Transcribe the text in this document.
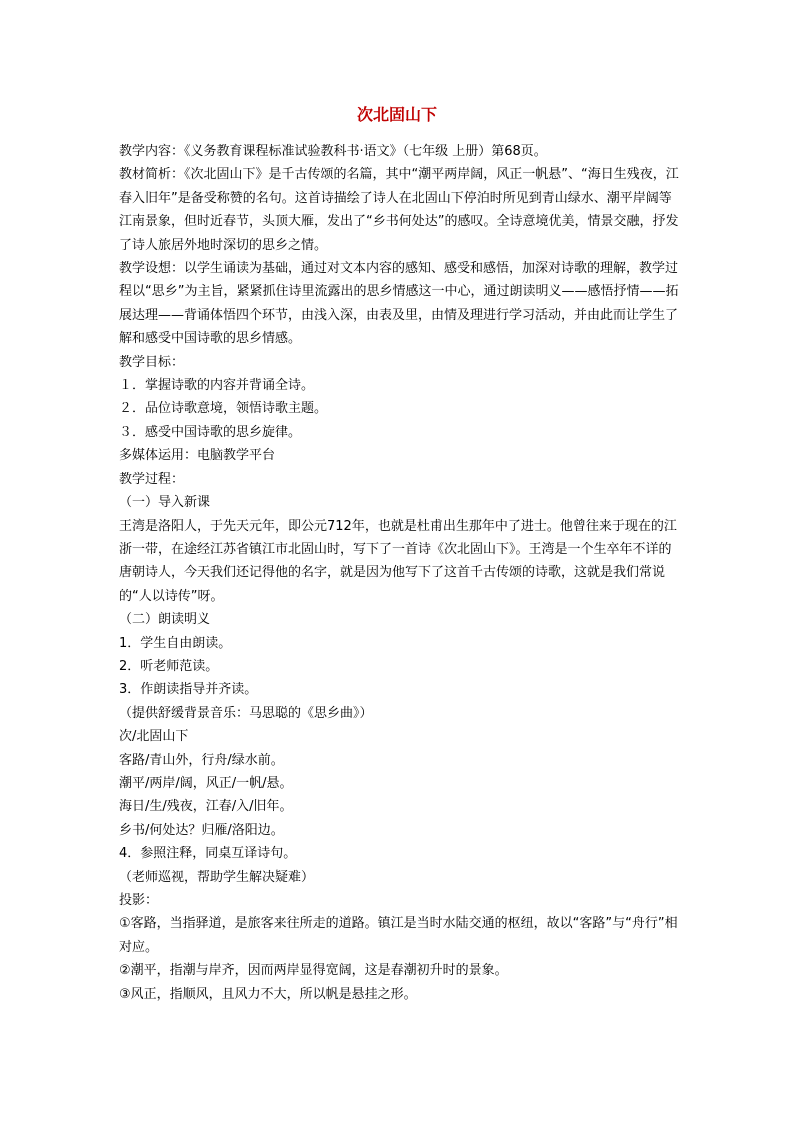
次北固山下

教学内容：《义务教育课程标准试验教科书·语文》（七年级 上册）第68页。

教材简析：《次北固山下》是千古传颂的名篇，其中“潮平两岸阔，风正一帆悬”、“海日生残夜，江春入旧年”是备受称赞的名句。这首诗描绘了诗人在北固山下停泊时所见到青山绿水、潮平岸阔等江南景象，但时近春节，头顶大雁，发出了“乡书何处达”的感叹。全诗意境优美，情景交融，抒发了诗人旅居外地时深切的思乡之情。

教学设想：以学生诵读为基础，通过对文本内容的感知、感受和感悟，加深对诗歌的理解，教学过程以“思乡”为主旨，紧紧抓住诗里流露出的思乡情感这一中心，通过朗读明义——感悟抒情——拓展达理——背诵体悟四个环节，由浅入深，由表及里，由情及理进行学习活动，并由此而让学生了解和感受中国诗歌的思乡情感。

教学目标：

１．掌握诗歌的内容并背诵全诗。

２．品位诗歌意境，领悟诗歌主题。

３．感受中国诗歌的思乡旋律。

多媒体运用：电脑教学平台

教学过程：

（一）导入新课

王湾是洛阳人，于先天元年，即公元712年，也就是杜甫出生那年中了进士。他曾往来于现在的江浙一带，在途经江苏省镇江市北固山时，写下了一首诗《次北固山下》。王湾是一个生卒年不详的唐朝诗人，今天我们还记得他的名字，就是因为他写下了这首千古传颂的诗歌，这就是我们常说的“人以诗传”呀。

（二）朗读明义

1．学生自由朗读。

2．听老师范读。

3．作朗读指导并齐读。

（提供舒缓背景音乐：马思聪的《思乡曲》）

次/北固山下

客路/青山外，行舟/绿水前。

潮平/两岸/阔，风正/一帆/悬。

海日/生/残夜，江春/入/旧年。

乡书/何处达？归雁/洛阳边。

4．参照注释，同桌互译诗句。

（老师巡视，帮助学生解决疑难）

投影：

①客路，当指驿道，是旅客来往所走的道路。镇江是当时水陆交通的枢纽，故以“客路”与“舟行”相对应。

②潮平，指潮与岸齐，因而两岸显得宽阔，这是春潮初升时的景象。

③风正，指顺风，且风力不大，所以帆是悬挂之形。
